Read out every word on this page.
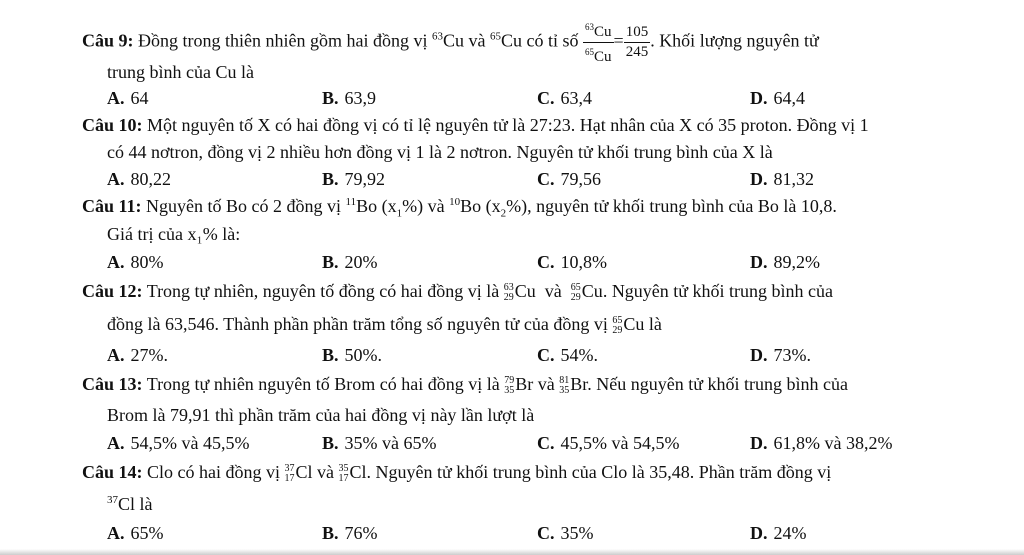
Câu 9: Đồng trong thiên nhiên gồm hai đồng vị $^{63}$Cu và $^{65}$Cu có tỉ số $\frac{^{63}Cu}{^{65}Cu} = \frac{105}{245}$ . Khối lượng nguyên tử
trung bình của Cu là
A. 64	B. 63,9	C. 63,4	D. 64,4
Câu 10: Một nguyên tố X có hai đồng vị có tỉ lệ nguyên tử là 27:23. Hạt nhân của X có 35 proton. Đồng vị 1
có 44 nơtron, đồng vị 2 nhiều hơn đồng vị 1 là 2 nơtron. Nguyên tử khối trung bình của X là
A. 80,22	B. 79,92	C. 79,56	D. 81,32
Câu 11: Nguyên tố Bo có 2 đồng vị $^{11}$Bo $(x_1\%)$ và $^{10}$Bo $(x_2\%)$, nguyên tử khối trung bình của Bo là 10,8.
Giá trị của x₁% là:
A. 80%	B. 20%	C. 10,8%	D. 89,2%
Câu 12: Trong tự nhiên, nguyên tố đồng có hai đồng vị là 63
29 Cu và 65
29 Cu. Nguyên tử khối trung bình của
đồng là 63,546. Thành phần phần trăm tổng số nguyên tử của đồng vị 65
29 Cu là
A. 27%.	B. 50%.	C. 54%.	D. 73%.
Câu 13: Trong tự nhiên nguyên tố Brom có hai đồng vị là 79
35 Br và 81
35 Br. Nếu nguyên tử khối trung bình của
Brom là 79,91 thì phần trăm của hai đồng vị này lần lượt là
A. 54,5% và 45,5%	B. 35% và 65%	C. 45,5% và 54,5%	D. 61,8% và 38,2%
Câu 14: Clo có hai đồng vị 37
17 Cl và 35
17 Cl. Nguyên tử khối trung bình của Clo là 35,48. Phần trăm đồng vị
$^{37}$Cl là
A. 65%	B. 76%	C. 35%	D. 24%
